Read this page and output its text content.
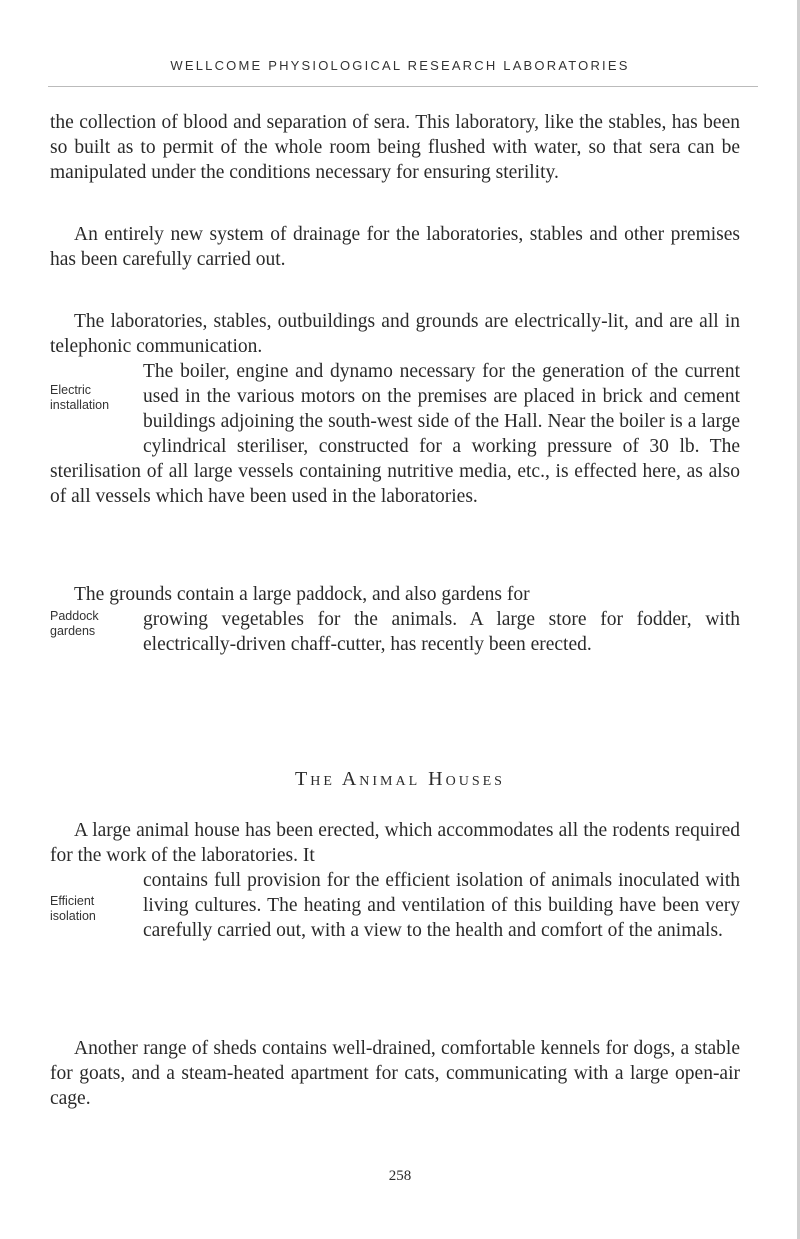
WELLCOME PHYSIOLOGICAL RESEARCH LABORATORIES

the collection of blood and separation of sera. This laboratory, like the stables, has been so built as to permit of the whole room being flushed with water, so that sera can be manipulated under the conditions necessary for ensuring sterility.

An entirely new system of drainage for the laboratories, stables and other premises has been carefully carried out.

The laboratories, stables, outbuildings and grounds are electrically-lit, and are all in telephonic communication.
Electric installation
The boiler, engine and dynamo necessary for the generation of the current used in the various motors on the premises are placed in brick and cement buildings adjoining the south-west side of the Hall. Near the boiler is a large cylindrical steriliser, constructed for a working pressure of 30 lb. The sterilisation of all large vessels containing nutritive media, etc., is effected here, as also of all vessels which have been used in the laboratories.
The grounds contain a large paddock, and also gardens for
Paddock gardens
growing vegetables for the animals. A large store for fodder, with electrically-driven chaff-cutter, has recently been erected.
The Animal Houses
A large animal house has been erected, which accommodates all the rodents required for the work of the laboratories. It
Efficient isolation
contains full provision for the efficient isolation of animals inoculated with living cultures. The heating and ventilation of this building have been very carefully carried out, with a view to the health and comfort of the animals.

Another range of sheds contains well-drained, comfortable kennels for dogs, a stable for goats, and a steam-heated apartment for cats, communicating with a large open-air cage.

258
